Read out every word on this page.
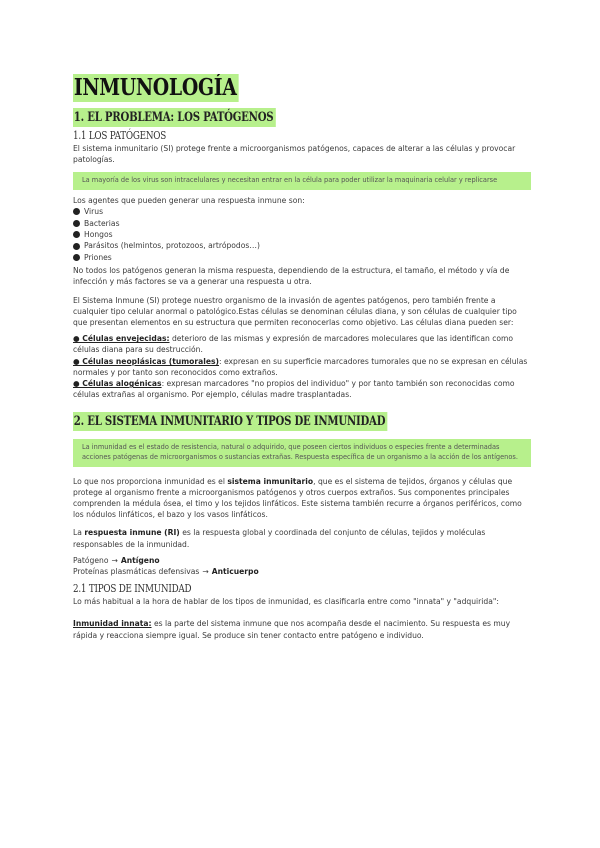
INMUNOLOGÍA
1. EL PROBLEMA: LOS PATÓGENOS
1.1 LOS PATÓGENOS

El sistema inmunitario (SI) protege frente a microorganismos patógenos, capaces de alterar a las células y provocar patologías.

La mayoría de los virus son intracelulares y necesitan entrar en la célula para poder utilizar la maquinaria celular y replicarse

Los agentes que pueden generar una respuesta inmune son:

Virus
Bacterias
Hongos
Parásitos (helmintos, protozoos, artrópodos…)
Priones

No todos los patógenos generan la misma respuesta, dependiendo de la estructura, el tamaño, el método y vía de infección y más factores se va a generar una respuesta u otra.

El Sistema Inmune (SI) protege nuestro organismo de la invasión de agentes patógenos, pero también frente a cualquier tipo celular anormal o patológico.Estas células se denominan células diana, y son células de cualquier tipo que presentan elementos en su estructura que permiten reconocerlas como objetivo. Las células diana pueden ser:

● Células envejecidas: deterioro de las mismas y expresión de marcadores moleculares que las identifican como células diana para su destrucción.

● Células neoplásicas (tumorales): expresan en su superficie marcadores tumorales que no se expresan en células normales y por tanto son reconocidos como extraños.

● Células alogénicas: expresan marcadores "no propios del individuo" y por tanto también son reconocidas como células extrañas al organismo. Por ejemplo, células madre trasplantadas.

2. EL SISTEMA INMUNITARIO Y TIPOS DE INMUNIDAD
La inmunidad es el estado de resistencia, natural o adquirido, que poseen ciertos individuos o especies frente a determinadas acciones patógenas de microorganismos o sustancias extrañas. Respuesta específica de un organismo a la acción de los antígenos.

Lo que nos proporciona inmunidad es el sistema inmunitario, que es el sistema de tejidos, órganos y células que protege al organismo frente a microorganismos patógenos y otros cuerpos extraños. Sus componentes principales comprenden la médula ósea, el timo y los tejidos linfáticos. Este sistema también recurre a órganos periféricos, como los nódulos linfáticos, el bazo y los vasos linfáticos.

La respuesta inmune (RI) es la respuesta global y coordinada del conjunto de células, tejidos y moléculas responsables de la inmunidad.

Patógeno → Antígeno

Proteínas plasmáticas defensivas → Anticuerpo

2.1 TIPOS DE INMUNIDAD

Lo más habitual a la hora de hablar de los tipos de inmunidad, es clasificarla entre como "innata" y "adquirida":

Inmunidad innata: es la parte del sistema inmune que nos acompaña desde el nacimiento. Su respuesta es muy rápida y reacciona siempre igual. Se produce sin tener contacto entre patógeno e individuo.
